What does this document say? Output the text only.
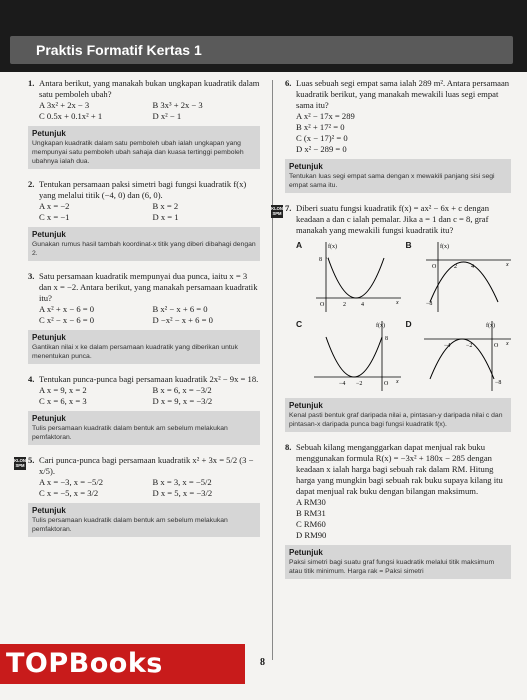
Praktis Formatif Kertas 1
1. Antara berikut, yang manakah bukan ungkapan kuadratik dalam satu pemboleh ubah?
A 3x² + 2x − 3	B 3x³ + 2x − 3
C 0.5x + 0.1x² + 1	D x² − 1
Petunjuk
Ungkapan kuadratik dalam satu pemboleh ubah ialah ungkapan yang mempunyai satu pemboleh ubah sahaja dan kuasa tertinggi pemboleh ubahnya ialah dua.
2. Tentukan persamaan paksi simetri bagi fungsi kuadratik f(x) yang melalui titik (−4, 0) dan (6, 0).
A x = −2	B x = 2
C x = −1	D x = 1
Petunjuk
Gunakan rumus hasil tambah koordinat-x titik yang diberi dibahagi dengan 2.
3. Satu persamaan kuadratik mempunyai dua punca, iaitu x = 3 dan x = −2. Antara berikut, yang manakah persamaan kuadratik itu?
A x² + x − 6 = 0	B x² − x + 6 = 0
C x² − x − 6 = 0	D −x² − x + 6 = 0
Petunjuk
Gantikan nilai x ke dalam persamaan kuadratik yang diberikan untuk menentukan punca.
4. Tentukan punca-punca bagi persamaan kuadratik 2x² − 9x = 18.
A x = 9, x = 2	B x = 6, x = −3/2
C x = 6, x = 3	D x = 9, x = −3/2
Petunjuk
Tulis persamaan kuadratik dalam bentuk am sebelum melakukan pemfaktoran.
KLON SPM
5. Cari punca-punca bagi persamaan kuadratik x² + 3x = 5/2 (3 − x/5).
A x = −3, x = −5/2	B x = 3, x = −5/2
C x = −5, x = 3/2	D x = 5, x = −3/2
Petunjuk
Tulis persamaan kuadratik dalam bentuk am sebelum melakukan pemfaktoran.
6. Luas sebuah segi empat sama ialah 289 m². Antara persamaan kuadratik berikut, yang manakah mewakili luas segi empat sama itu?
A x² − 17x = 289
B x² + 17² = 0
C (x − 17)² = 0
D x² − 289 = 0
Petunjuk
Tentukan luas segi empat sama dengan x mewakili panjang sisi segi empat sama itu.
KLON SPM
7. Diberi suatu fungsi kuadratik f(x) = ax² − 6x + c dengan keadaan a dan c ialah pemalar. Jika a = 1 dan c = 8, graf manakah yang mewakili fungsi kuadratik itu?
A	f(x)
8
O	2	4	x
B	f(x)
O	2 4	x
−8
C	f(x)
8
−4 −2	O x
D	f(x)
−4	−2	O x
−8
Petunjuk
Kenal pasti bentuk graf daripada nilai a, pintasan-y daripada nilai c dan pintasan-x daripada punca bagi fungsi kuadratik f(x).
8. Sebuah kilang menganggarkan dapat menjual rak buku menggunakan formula R(x) = −3x² + 180x − 285 dengan keadaan x ialah harga bagi sebuah rak dalam RM. Hitung harga yang mungkin bagi sebuah rak buku supaya kilang itu dapat menjual rak buku dengan bilangan maksimum.
A RM30
B RM31
C RM60
D RM90
Petunjuk
Paksi simetri bagi suatu graf fungsi kuadratik melalui titik maksimum atau titik minimum. Harga rak = Paksi simetri
8
TOPBooks
